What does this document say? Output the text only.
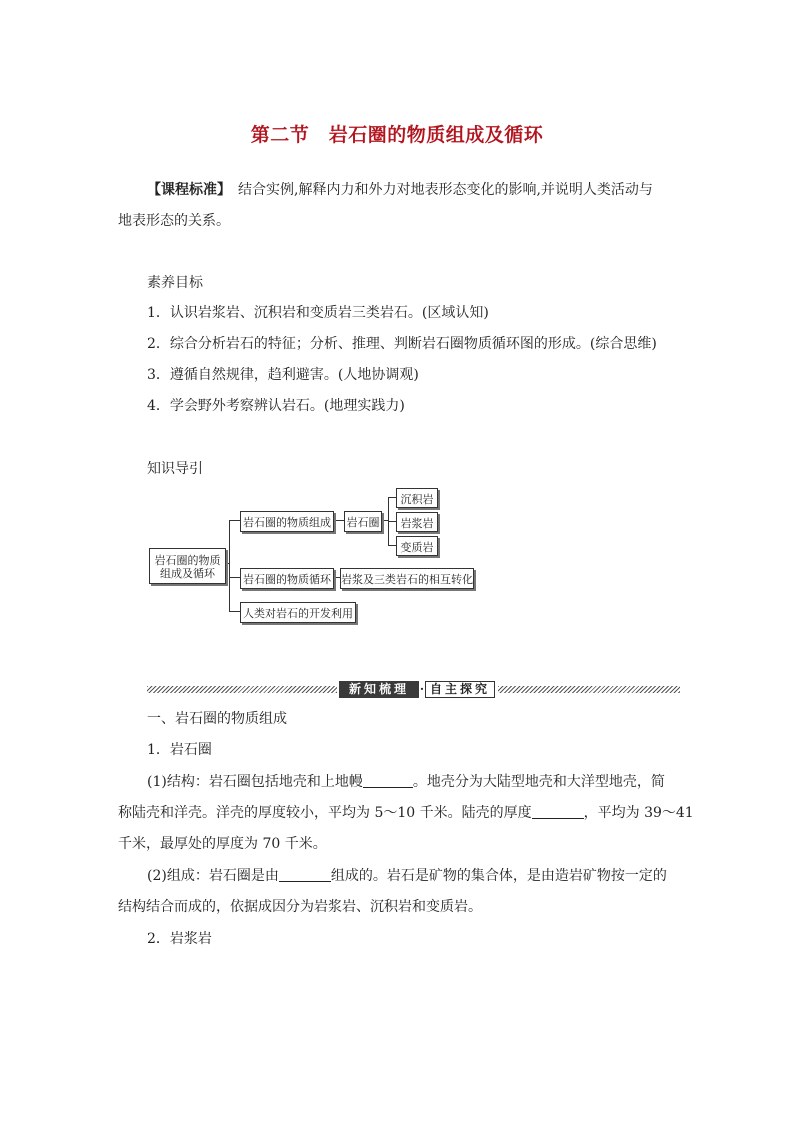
第二节　岩石圈的物质组成及循环
【课程标准】　结合实例,解释内力和外力对地表形态变化的影响,并说明人类活动与
地表形态的关系。
素养目标
1．认识岩浆岩、沉积岩和变质岩三类岩石。(区域认知)
2．综合分析岩石的特征；分析、推理、判断岩石圈物质循环图的形成。(综合思维)
3．遵循自然规律，趋利避害。(人地协调观)
4．学会野外考察辨认岩石。(地理实践力)
知识导引
岩石圈的物质
组成及循环
岩石圈的物质组成 岩石圈
沉积岩
岩浆岩
变质岩
岩石圈的物质循环 岩浆及三类岩石的相互转化
人类对岩石的开发利用
新知梳理 · 自主探究
一、岩石圈的物质组成
1．岩石圈
(1)结构：岩石圈包括地壳和上地幔	。地壳分为大陆型地壳和大洋型地壳，简
称陆壳和洋壳。洋壳的厚度较小，平均为 5～10 千米。陆壳的厚度	，平均为 39～41
千米，最厚处的厚度为 70 千米。
(2)组成：岩石圈是由	组成的。岩石是矿物的集合体，是由造岩矿物按一定的
结构结合而成的，依据成因分为岩浆岩、沉积岩和变质岩。
2．岩浆岩
